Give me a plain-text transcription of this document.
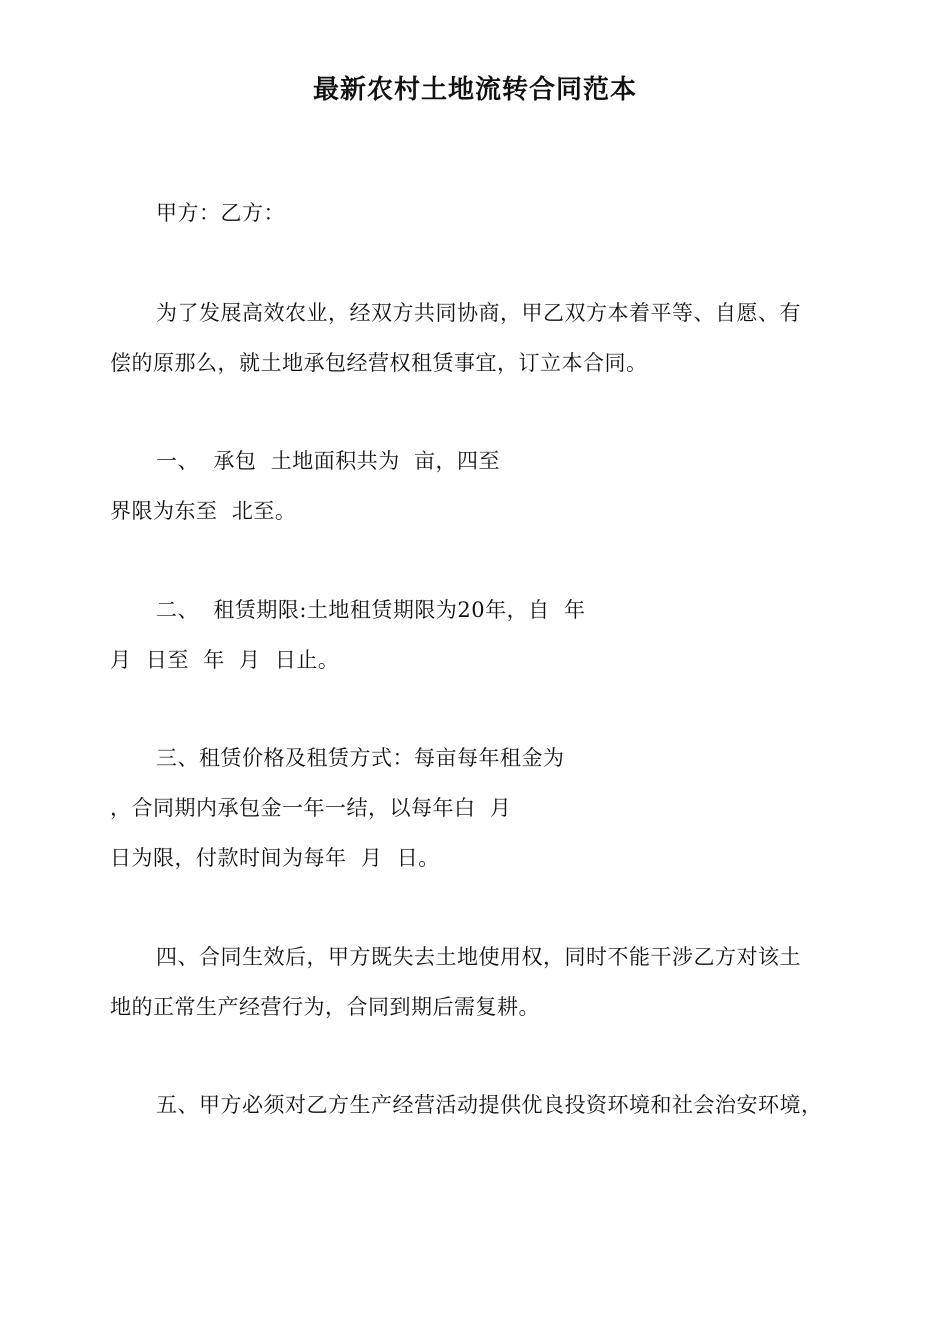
最新农村土地流转合同范本
甲方：乙方：
为了发展高效农业，经双方共同协商，甲乙双方本着平等、自愿、有
偿的原那么，就土地承包经营权租赁事宜，订立本合同。
一、  承包  土地面积共为  亩，四至
界限为东至  北至。
二、  租赁期限:土地租赁期限为20年，自  年
月  日至  年  月  日止。
三、租赁价格及租赁方式：每亩每年租金为
，合同期内承包金一年一结，以每年白  月
日为限，付款时间为每年  月  日。
四、合同生效后，甲方既失去土地使用权，同时不能干涉乙方对该土
地的正常生产经营行为，合同到期后需复耕。
五、甲方必须对乙方生产经营活动提供优良投资环境和社会治安环境，
